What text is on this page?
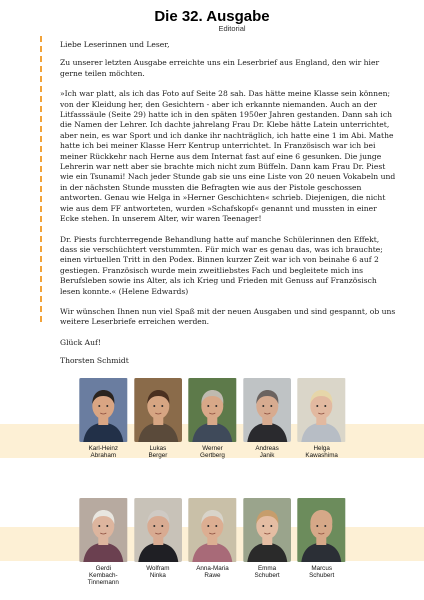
Die 32. Ausgabe
Editorial

Liebe Leserinnen und Leser,

Zu unserer letzten Ausgabe erreichte uns ein Leserbrief aus England, den wir hier gerne teilen möchten.

»Ich war platt, als ich das Foto auf Seite 28 sah. Das hätte meine Klasse sein können; von der Kleidung her, den Gesichtern - aber ich erkannte niemanden. Auch an der Litfasssäule (Seite 29) hatte ich in den späten 1950er Jahren gestanden. Dann sah ich die Namen der Lehrer. Ich dachte jahrelang Frau Dr. Klebe hätte Latein unterrichtet, aber nein, es war Sport und ich danke ihr nachträglich, ich hatte eine 1 im Abi. Mathe hatte ich bei meiner Klasse Herr Kentrup unterrichtet. In Französisch war ich bei meiner Rückkehr nach Herne aus dem Internat fast auf eine 6 gesunken. Die junge Lehrerin war nett aber sie brachte mich nicht zum Büffeln. Dann kam Frau Dr. Piest wie ein Tsunami! Nach jeder Stunde gab sie uns eine Liste von 20 neuen Vokabeln und in der nächsten Stunde mussten die Befragten wie aus der Pistole geschossen antworten. Genau wie Helga in »Herner Geschichten« schrieb. Diejenigen, die nicht wie aus dem FF antworteten, wurden »Schafskopf« genannt und mussten in einer Ecke stehen. In unserem Alter, wir waren Teenager!

Dr. Piests furchterregende Behandlung hatte auf manche Schülerinnen den Effekt, dass sie verschüchtert verstummten. Für mich war es genau das, was ich brauchte; einen virtuellen Tritt in den Podex. Binnen kurzer Zeit war ich von beinahe 6 auf 2 gestiegen. Französisch wurde mein zweitliebstes Fach und begleitete mich ins Berufsleben sowie ins Alter, als ich Krieg und Frieden mit Genuss auf Französisch lesen konnte.« (Helene Edwards)

Wir wünschen Ihnen nun viel Spaß mit der neuen Ausgaben und sind gespannt, ob uns weitere Leserbriefe erreichen werden.

Glück Auf!

Thorsten Schmidt

Karl-Heinz
Abraham
Lukas
Berger
Werner
Gertberg
Andreas
Janik
Helga
Kawashima
Gerdi
Kembach-
Tinnemann
Wolfram
Ninka
Anna-Maria
Rawe
Emma
Schubert
Marcus
Schubert
